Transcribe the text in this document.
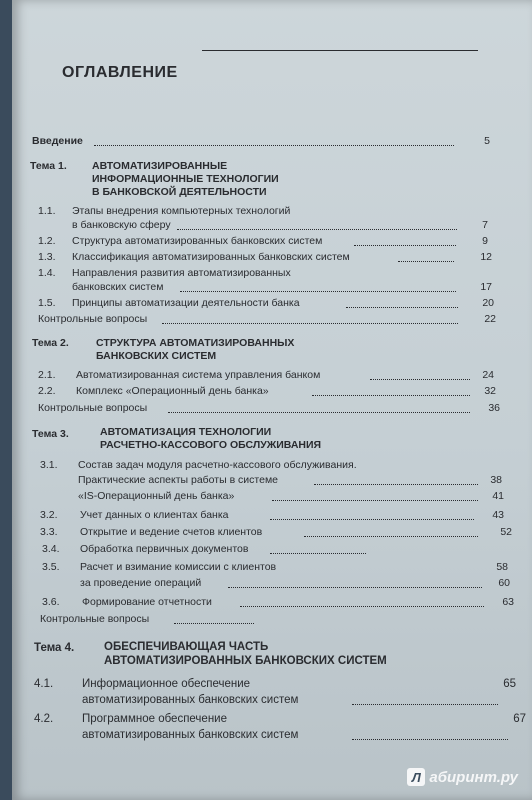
ОГЛАВЛЕНИЕ
Введение	5
Тема 1. АВТОМАТИЗИРОВАННЫЕ
ИНФОРМАЦИОННЫЕ ТЕХНОЛОГИИ
В БАНКОВСКОЙ ДЕЯТЕЛЬНОСТИ
1.1. Этапы внедрения компьютерных технологий
в банковскую сферу	7
1.2. Структура автоматизированных банковских систем	9
1.3. Классификация автоматизированных банковских систем	12
1.4. Направления развития автоматизированных
банковских систем	17
1.5. Принципы автоматизации деятельности банка	20
Контрольные вопросы	22
Тема 2.	СТРУКТУРА АВТОМАТИЗИРОВАННЫХ
БАНКОВСКИХ СИСТЕМ
2.1. Автоматизированная система управления банком	24
2.2. Комплекс «Операционный день банка»	32
Контрольные вопросы	36
Тема 3.	АВТОМАТИЗАЦИЯ ТЕХНОЛОГИИ
РАСЧЕТНО-КАССОВОГО ОБСЛУЖИВАНИЯ
3.1. Состав задач модуля расчетно-кассового обслуживания.
Практические аспекты работы в системе	38
«IS-Операционный день банка»	41
3.2. Учет данных о клиентах банка	43
3.3. Открытие и ведение счетов клиентов	52
3.4. Обработка первичных документов
3.5. Расчет и взимание комиссии с клиентов	58
за проведение операций	60
3.6. Формирование отчетности	63
Контрольные вопросы
Тема 4.	ОБЕСПЕЧИВАЮЩАЯ ЧАСТЬ
АВТОМАТИЗИРОВАННЫХ БАНКОВСКИХ СИСТЕМ
4.1.	Информационное обеспечение	65
автоматизированных банковских систем
4.2.	Программное обеспечение	67
автоматизированных банковских систем
Л абиринт.ру
